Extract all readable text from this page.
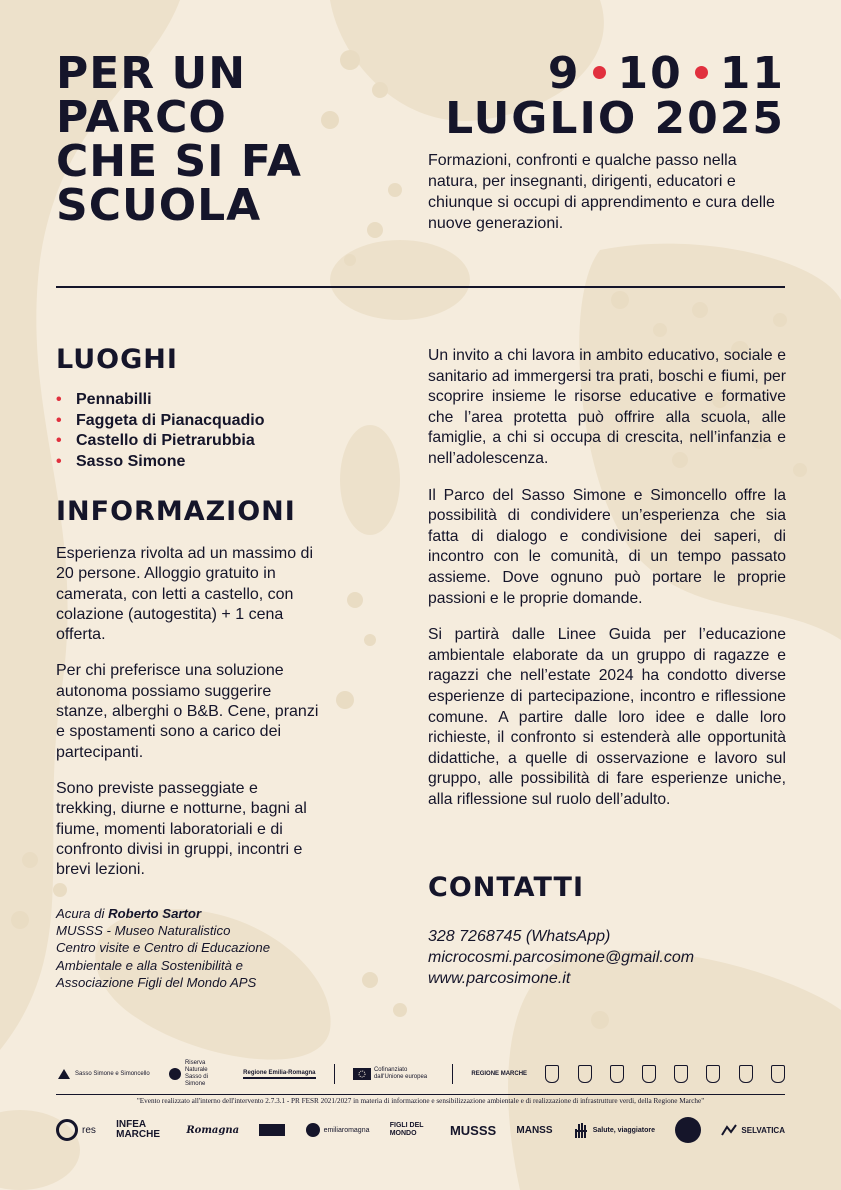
PER UN
PARCO
CHE SI FA
SCUOLA
9 10 11
LUGLIO 2025

Formazioni, confronti e qualche passo nella natura, per insegnanti, dirigenti, educatori e chiunque si occupi di apprendimento e cura delle nuove generazioni.

LUOGHI
• Pennabilli
• Faggeta di Pianacquadio
• Castello di Pietrarubbia
• Sasso Simone
INFORMAZIONI

Esperienza rivolta ad un massimo di 20 persone. Alloggio gratuito in camerata, con letti a castello, con colazione (autogestita) + 1 cena offerta.

Per chi preferisce una soluzione autonoma possiamo suggerire stanze, alberghi o B&B. Cene, pranzi e spostamenti sono a carico dei partecipanti.

Sono previste passeggiate e trekking, diurne e notturne, bagni al fiume, momenti laboratoriali e di confronto divisi in gruppi, incontri e brevi lezioni.

Acura di Roberto Sartor
MUSSS - Museo Naturalistico
Centro visite e Centro di Educazione
Ambientale e alla Sostenibilità e
Associazione Figli del Mondo APS

Un invito a chi lavora in ambito educativo, sociale e sanitario ad immergersi tra prati, boschi e fiumi, per scoprire insieme le risorse educative e formative che l’area protetta può offrire alla scuola, alle famiglie, a chi si occupa di crescita, nell’infanzia e nell’adolescenza.

Il Parco del Sasso Simone e Simoncello offre la possibilità di condividere un’esperienza che sia fatta di dialogo e condivisione dei saperi, di incontro con le comunità, di un tempo passato assieme. Dove ognuno può portare le proprie passioni e le proprie domande.

Si partirà dalle Linee Guida per l’educazione ambientale elaborate da un gruppo di ragazze e ragazzi che nell’estate 2024 ha condotto diverse esperienze di partecipazione, incontro e riflessione comune. A partire dalle loro idee e dalle loro richieste, il confronto si estenderà alle opportunità didattiche, a quelle di osservazione e lavoro sul gruppo, alle possibilità di fare esperienze uniche, alla riflessione sul ruolo dell’adulto.

CONTATTI
328 7268745 (WhatsApp)
microcosmi.parcosimone@gmail.com
www.parcosimone.it
Sasso Simone e Simoncello
Riserva Naturale Sasso di Simone
Regione Emilia-Romagna	Cofinanziato dall'Unione europea
REGIONE MARCHE
"Evento realizzato all'interno dell'intervento 2.7.3.1 - PR FESR 2021/2027 in materia di informazione e sensibilizzazione ambientale e di realizzazione di infrastrutture verdi, della Regione Marche"
res INFEA MARCHE	Romagna	emiliaromagna
FIGLI DEL MONDO	MUSSS MANSS	Salute, viaggiatore	SELVATICA
